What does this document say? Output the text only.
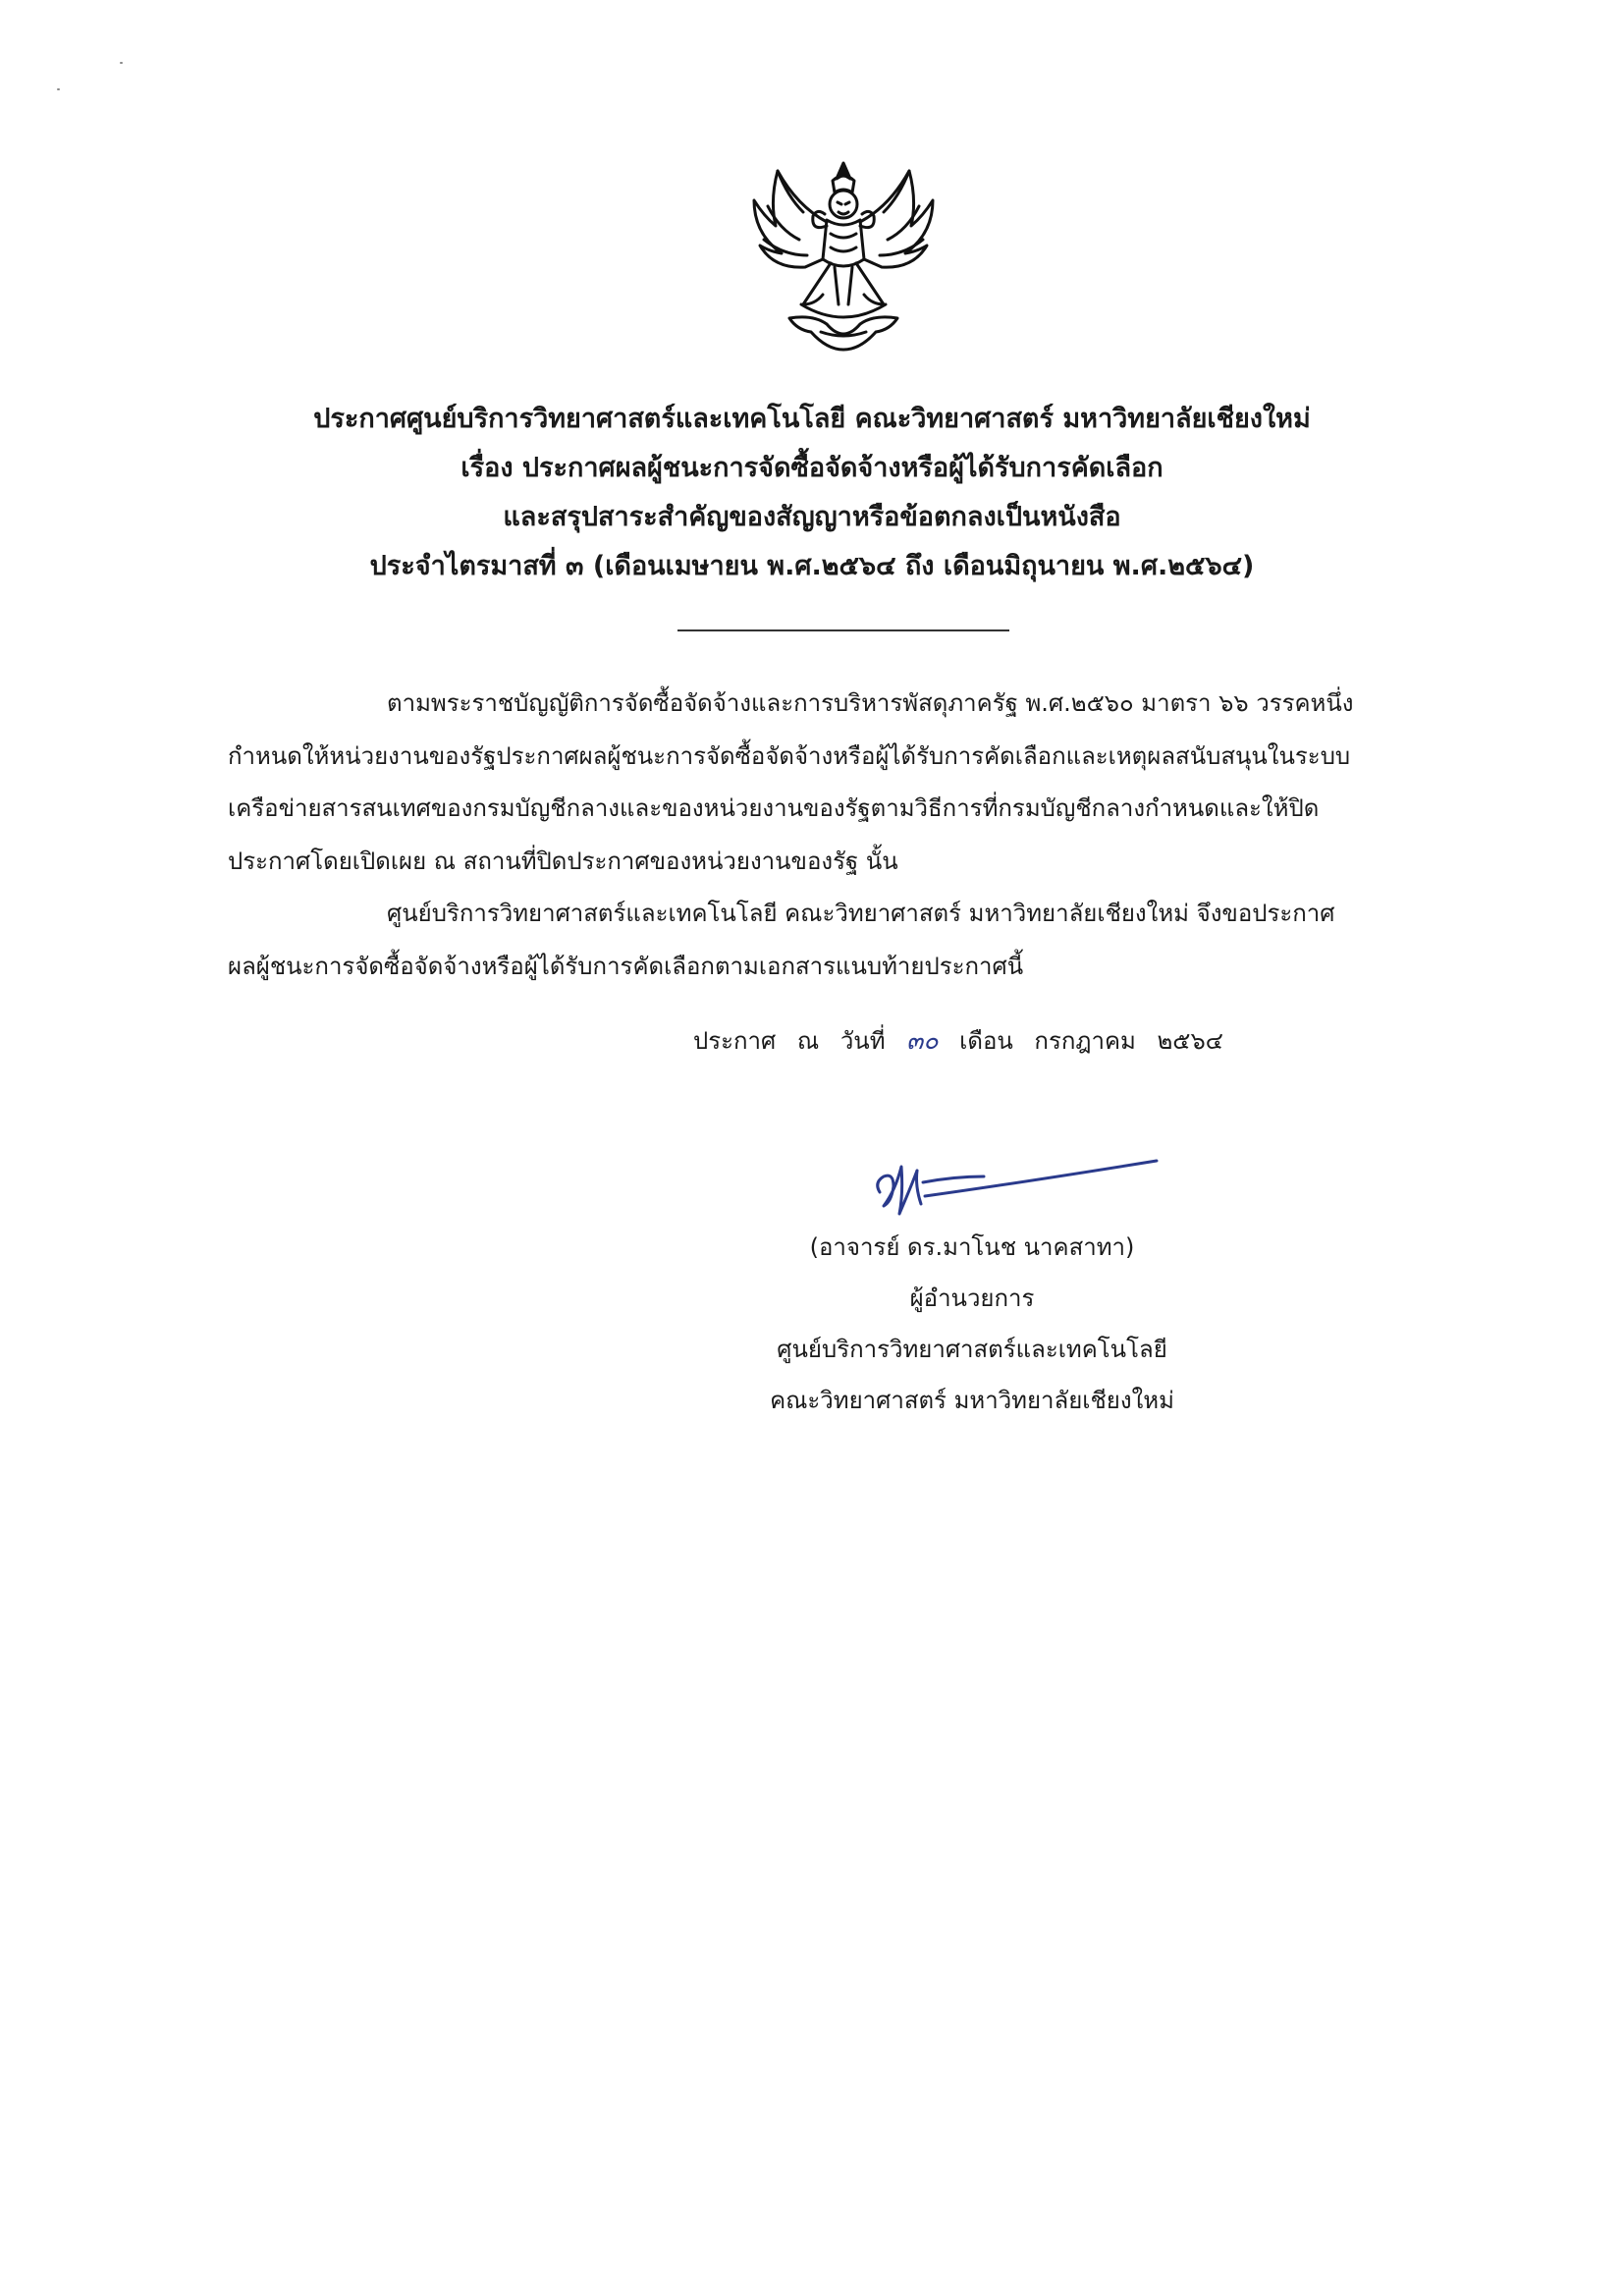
ประกาศศูนย์บริการวิทยาศาสตร์และเทคโนโลยี คณะวิทยาศาสตร์ มหาวิทยาลัยเชียงใหม่
เรื่อง ประกาศผลผู้ชนะการจัดซื้อจัดจ้างหรือผู้ได้รับการคัดเลือก
และสรุปสาระสำคัญของสัญญาหรือข้อตกลงเป็นหนังสือ
ประจำไตรมาสที่ ๓ (เดือนเมษายน พ.ศ.๒๕๖๔ ถึง เดือนมิถุนายน พ.ศ.๒๕๖๔)
ตามพระราชบัญญัติการจัดซื้อจัดจ้างและการบริหารพัสดุภาครัฐ พ.ศ.๒๕๖๐ มาตรา ๖๖ วรรคหนึ่ง
กำหนดให้หน่วยงานของรัฐประกาศผลผู้ชนะการจัดซื้อจัดจ้างหรือผู้ได้รับการคัดเลือกและเหตุผลสนับสนุนในระบบ
เครือข่ายสารสนเทศของกรมบัญชีกลางและของหน่วยงานของรัฐตามวิธีการที่กรมบัญชีกลางกำหนดและให้ปิด
ประกาศโดยเปิดเผย ณ สถานที่ปิดประกาศของหน่วยงานของรัฐ นั้น
ศูนย์บริการวิทยาศาสตร์และเทคโนโลยี คณะวิทยาศาสตร์ มหาวิทยาลัยเชียงใหม่ จึงขอประกาศ
ผลผู้ชนะการจัดซื้อจัดจ้างหรือผู้ได้รับการคัดเลือกตามเอกสารแนบท้ายประกาศนี้
ประกาศ ณ วันที่ ๓๐ เดือน กรกฎาคม ๒๕๖๔
(อาจารย์ ดร.มาโนช นาคสาทา)
ผู้อำนวยการ
ศูนย์บริการวิทยาศาสตร์และเทคโนโลยี
คณะวิทยาศาสตร์ มหาวิทยาลัยเชียงใหม่
